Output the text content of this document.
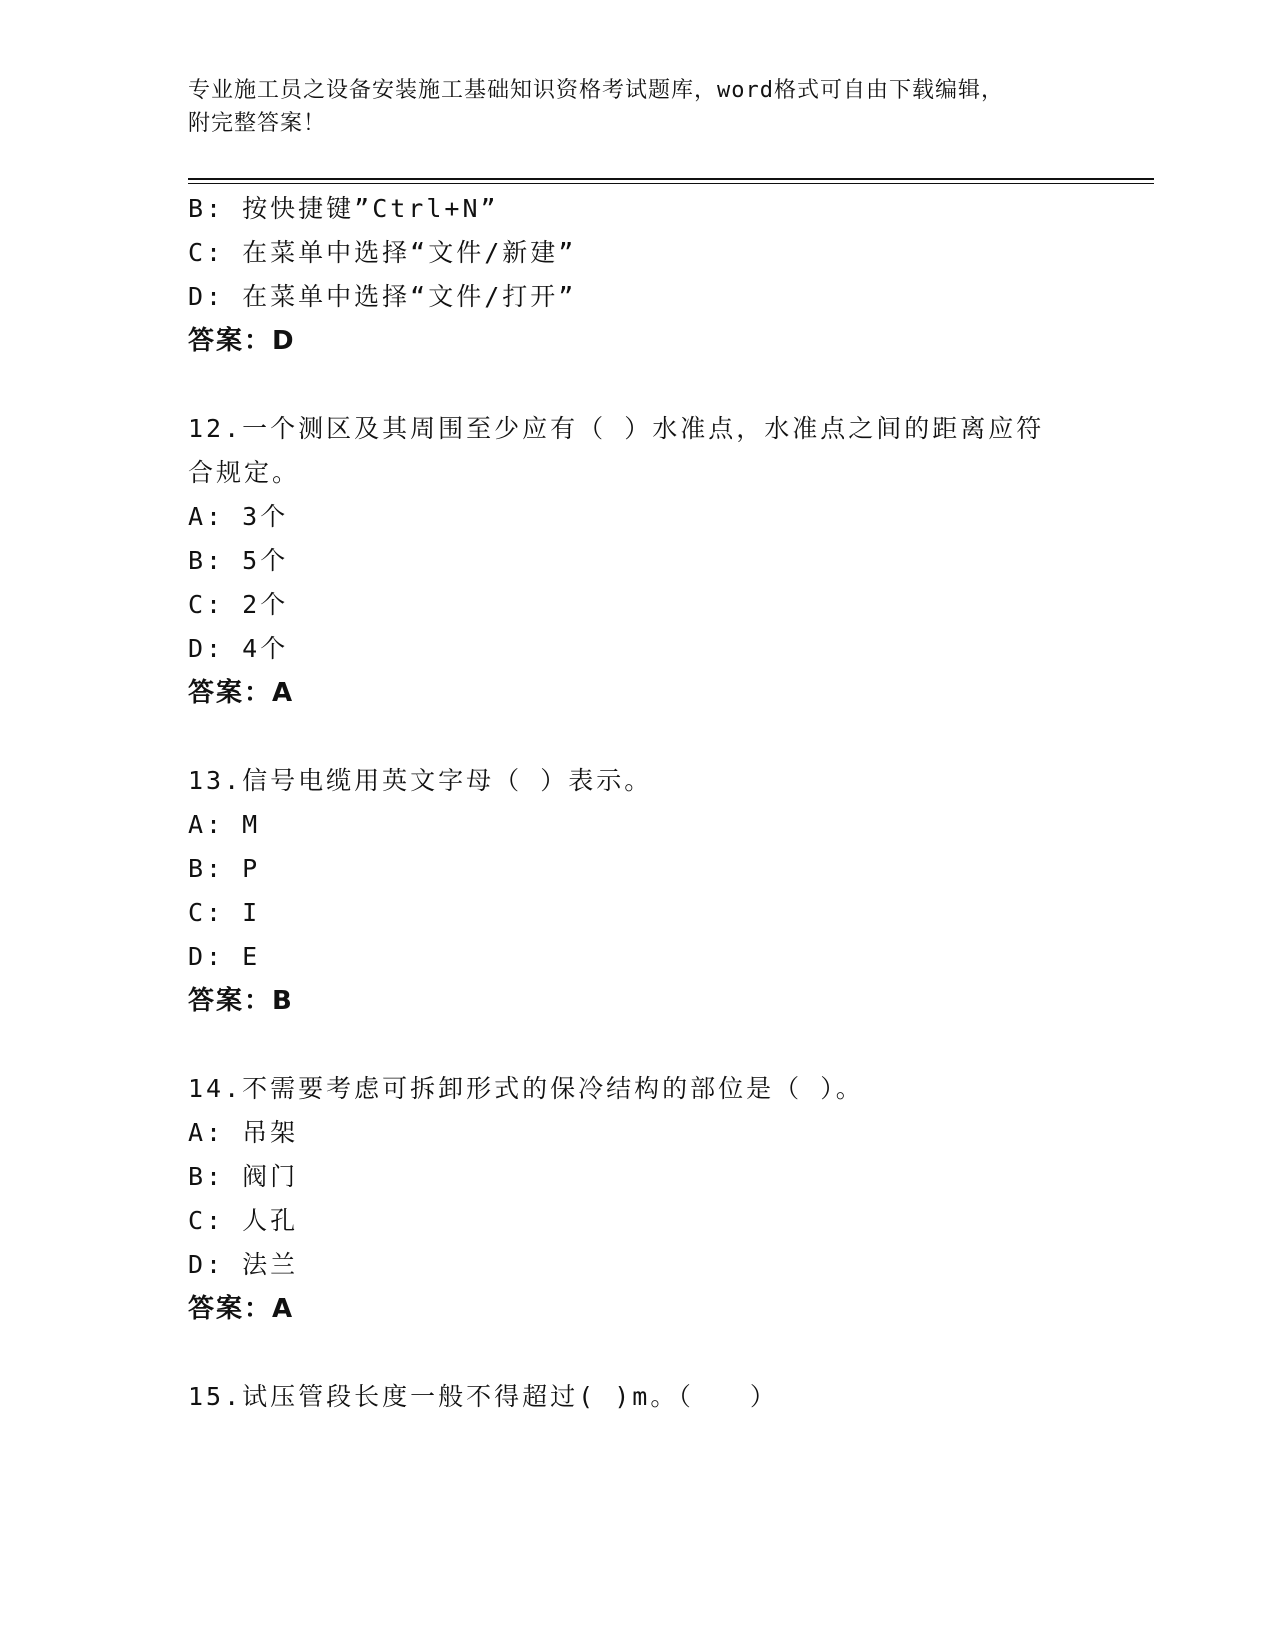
专业施工员之设备安装施工基础知识资格考试题库，word格式可自由下载编辑，
附完整答案！
B: 按快捷键”Ctrl+N”
C: 在菜单中选择“文件/新建”
D: 在菜单中选择“文件/打开”
答案：D
12.一个测区及其周围至少应有（ ）水准点，水准点之间的距离应符
合规定。
A: 3个
B: 5个
C: 2个
D: 4个
答案：A
13.信号电缆用英文字母（ ）表示。
A: M
B: P
C: I
D: E
答案：B
14.不需要考虑可拆卸形式的保冷结构的部位是（ ）。
A: 吊架
B: 阀门
C: 人孔
D: 法兰
答案：A
15.试压管段长度一般不得超过( )m。（　　）
